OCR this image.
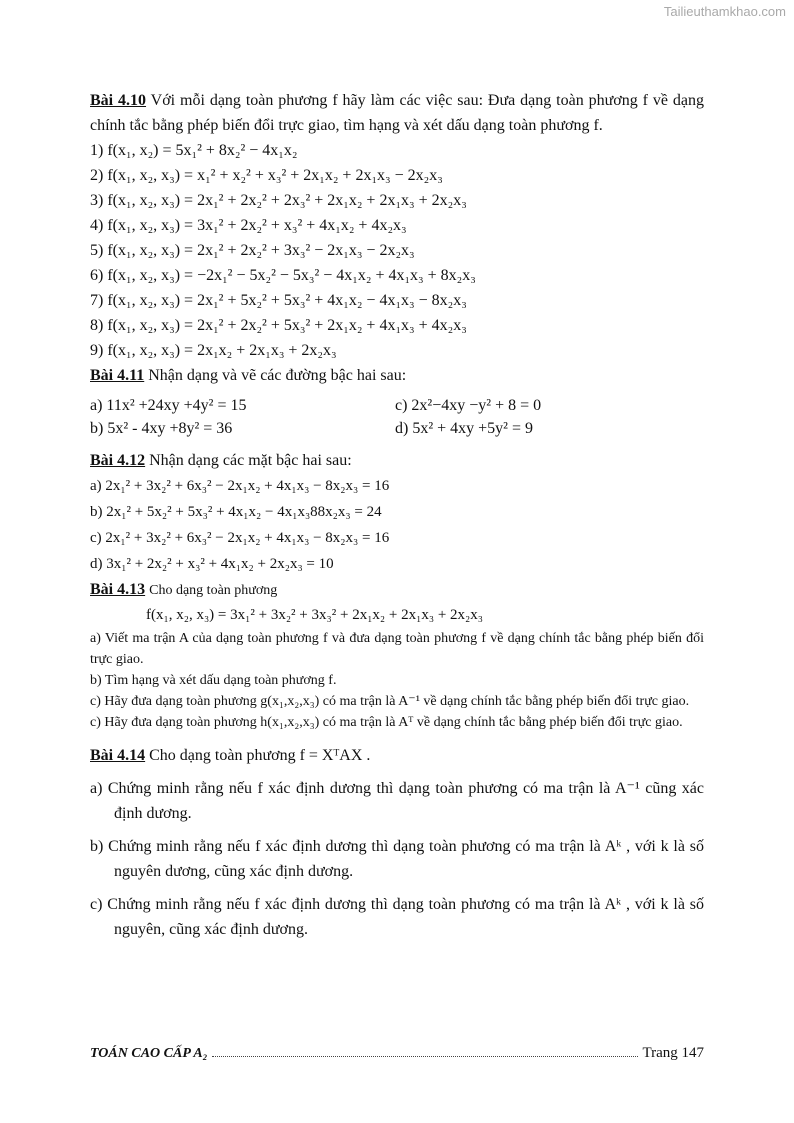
Tailieuthamkhao.com
Bài 4.10 Với mỗi dạng toàn phương f hãy làm các việc sau: Đưa dạng toàn phương f về dạng chính tắc bằng phép biến đổi trực giao, tìm hạng và xét dấu dạng toàn phương f.
1) f(x₁, x₂) = 5x₁² + 8x₂² − 4x₁x₂
2) f(x₁, x₂, x₃) = x₁² + x₂² + x₃² + 2x₁x₂ + 2x₁x₃ − 2x₂x₃
3) f(x₁, x₂, x₃) = 2x₁² + 2x₂² + 2x₃² + 2x₁x₂ + 2x₁x₃ + 2x₂x₃
4) f(x₁, x₂, x₃) = 3x₁² + 2x₂² + x₃² + 4x₁x₂ + 4x₂x₃
5) f(x₁, x₂, x₃) = 2x₁² + 2x₂² + 3x₃² − 2x₁x₃ − 2x₂x₃
6) f(x₁, x₂, x₃) = −2x₁² − 5x₂² − 5x₃² − 4x₁x₂ + 4x₁x₃ + 8x₂x₃
7) f(x₁, x₂, x₃) = 2x₁² + 5x₂² + 5x₃² + 4x₁x₂ − 4x₁x₃ − 8x₂x₃
8) f(x₁, x₂, x₃) = 2x₁² + 2x₂² + 5x₃² + 2x₁x₂ + 4x₁x₃ + 4x₂x₃
9) f(x₁, x₂, x₃) = 2x₁x₂ + 2x₁x₃ + 2x₂x₃
Bài 4.11 Nhận dạng và vẽ các đường bậc hai sau:
a) 11x² +24xy +4y² = 15	c) 2x²−4xy −y² + 8 = 0
b) 5x² - 4xy +8y² = 36	d) 5x² + 4xy +5y² = 9
Bài 4.12 Nhận dạng các mặt bậc hai sau:
a) 2x₁² + 3x₂² + 6x₃² − 2x₁x₂ + 4x₁x₃ − 8x₂x₃ = 16
b) 2x₁² + 5x₂² + 5x₃² + 4x₁x₂ − 4x₁x₃88x₂x₃ = 24
c) 2x₁² + 3x₂² + 6x₃² − 2x₁x₂ + 4x₁x₃ − 8x₂x₃ = 16
d) 3x₁² + 2x₂² + x₃² + 4x₁x₂ + 2x₂x₃ = 10
Bài 4.13 Cho dạng toàn phương
f(x₁, x₂, x₃) = 3x₁² + 3x₂² + 3x₃² + 2x₁x₂ + 2x₁x₃ + 2x₂x₃
a) Viết ma trận A của dạng toàn phương f và đưa dạng toàn phương f về dạng chính tắc bằng phép biến đổi trực giao.
b) Tìm hạng và xét dấu dạng toàn phương f.
c) Hãy đưa dạng toàn phương g(x₁,x₂,x₃) có ma trận là A⁻¹ về dạng chính tắc bằng phép biến đổi trực giao.
c) Hãy đưa dạng toàn phương h(x₁,x₂,x₃) có ma trận là Aᵀ về dạng chính tắc bằng phép biến đổi trực giao.
Bài 4.14 Cho dạng toàn phương f = XᵀAX .
a) Chứng minh rằng nếu f xác định dương thì dạng toàn phương có ma trận là A⁻¹ cũng xác định dương.
b) Chứng minh rằng nếu f xác định dương thì dạng toàn phương có ma trận là Aᵏ , với k là số nguyên dương, cũng xác định dương.
c) Chứng minh rằng nếu f xác định dương thì dạng toàn phương có ma trận là Aᵏ , với k là số nguyên, cũng xác định dương.
TOÁN CAO CẤP A₂	Trang 147
